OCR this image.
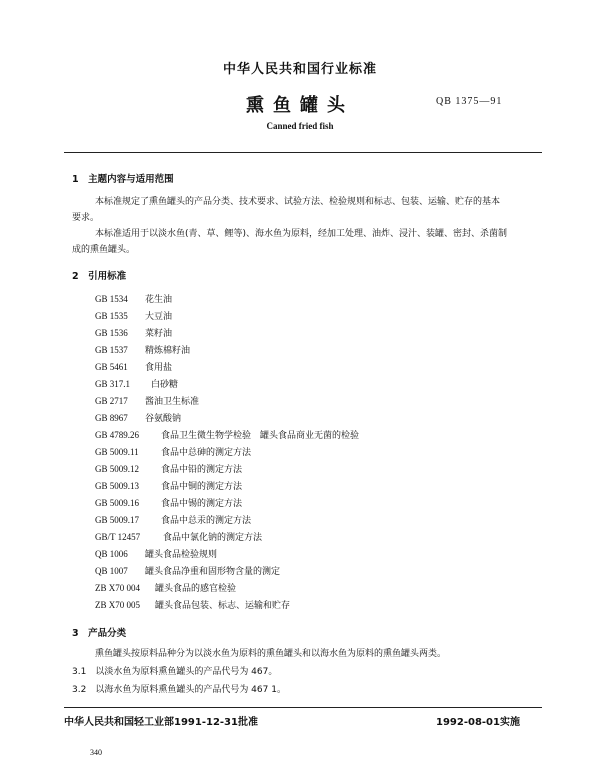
中华人民共和国行业标准
熏鱼罐头	QB 1375—91
Canned fried fish
1　主题内容与适用范围
本标准规定了熏鱼罐头的产品分类、技术要求、试验方法、检验规则和标志、包装、运输、贮存的基本
要求。
本标准适用于以淡水鱼(青、草、鲤等)、海水鱼为原料，经加工处理、油炸、浸汁、装罐、密封、杀菌制
成的熏鱼罐头。
2　引用标准
GB 1534 花生油
GB 1535 大豆油
GB 1536 菜籽油
GB 1537 精炼棉籽油
GB 5461 食用盐
GB 317.1 白砂糖
GB 2717 酱油卫生标准
GB 8967 谷氨酸钠
GB 4789.26 食品卫生微生物学检验　罐头食品商业无菌的检验
GB 5009.11 食品中总砷的测定方法
GB 5009.12 食品中铅的测定方法
GB 5009.13 食品中铜的测定方法
GB 5009.16 食品中锡的测定方法
GB 5009.17 食品中总汞的测定方法
GB/T 12457	食品中氯化钠的测定方法
QB 1006 罐头食品检验规则
QB 1007 罐头食品净重和固形物含量的测定
ZB X70 004 罐头食品的感官检验
ZB X70 005 罐头食品包装、标志、运输和贮存
3　产品分类
熏鱼罐头按原料品种分为以淡水鱼为原料的熏鱼罐头和以海水鱼为原料的熏鱼罐头两类。
3.1　以淡水鱼为原料熏鱼罐头的产品代号为 467。
3.2　以海水鱼为原料熏鱼罐头的产品代号为 467 1。
中华人民共和国轻工业部1991-12-31批准	1992-08-01实施
340
